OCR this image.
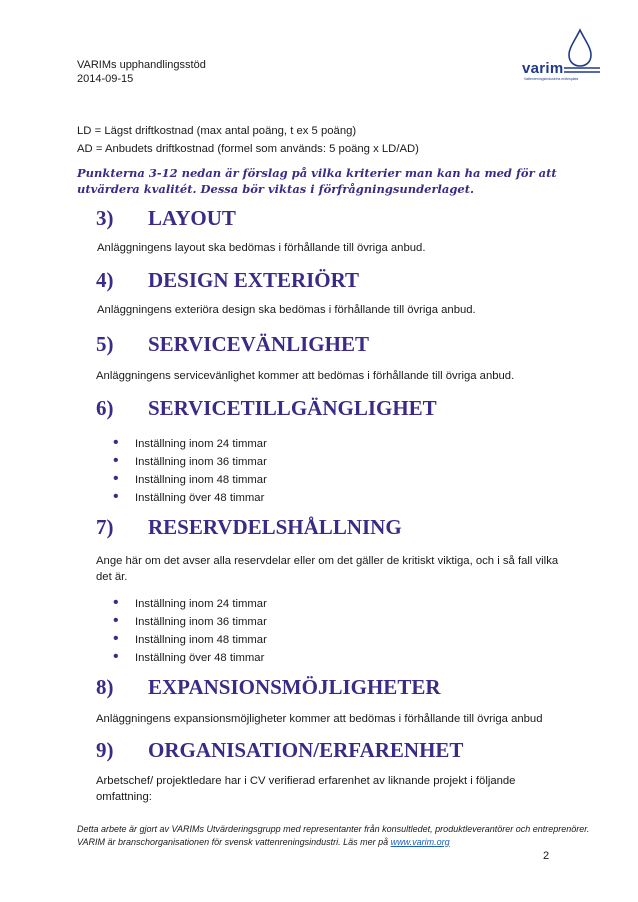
VARIMs upphandlingsstöd
2014-09-15
varim
Vattenreningsindustrins mötesplats
LD = Lägst driftkostnad (max antal poäng, t ex 5 poäng)
AD = Anbudets driftkostnad (formel som används: 5 poäng x LD/AD)
Punkterna 3-12 nedan är förslag på vilka kriterier man kan ha med för att utvärdera kvalitét. Dessa bör viktas i förfrågningsunderlaget.
3) LAYOUT
Anläggningens layout ska bedömas i förhållande till övriga anbud.
4) DESIGN EXTERIÖRT
Anläggningens exteriöra design ska bedömas i förhållande till övriga anbud.
5) SERVICEVÄNLIGHET
Anläggningens servicevänlighet kommer att bedömas i förhållande till övriga anbud.
6) SERVICETILLGÄNGLIGHET
• Inställning inom 24 timmar
• Inställning inom 36 timmar
• Inställning inom 48 timmar
• Inställning över 48 timmar
7) RESERVDELSHÅLLNING
Ange här om det avser alla reservdelar eller om det gäller de kritiskt viktiga, och i så fall vilka det är.
• Inställning inom 24 timmar
• Inställning inom 36 timmar
• Inställning inom 48 timmar
• Inställning över 48 timmar
8) EXPANSIONSMÖJLIGHETER
Anläggningens expansionsmöjligheter kommer att bedömas i förhållande till övriga anbud
9) ORGANISATION/ERFARENHET
Arbetschef/ projektledare har i CV verifierad erfarenhet av liknande projekt i följande omfattning:
Detta arbete är gjort av VARIMs Utvärderingsgrupp med representanter från konsultledet, produktleverantörer och entreprenörer.
VARIM är branschorganisationen för svensk vattenreningsindustri. Läs mer på www.varim.org
2
